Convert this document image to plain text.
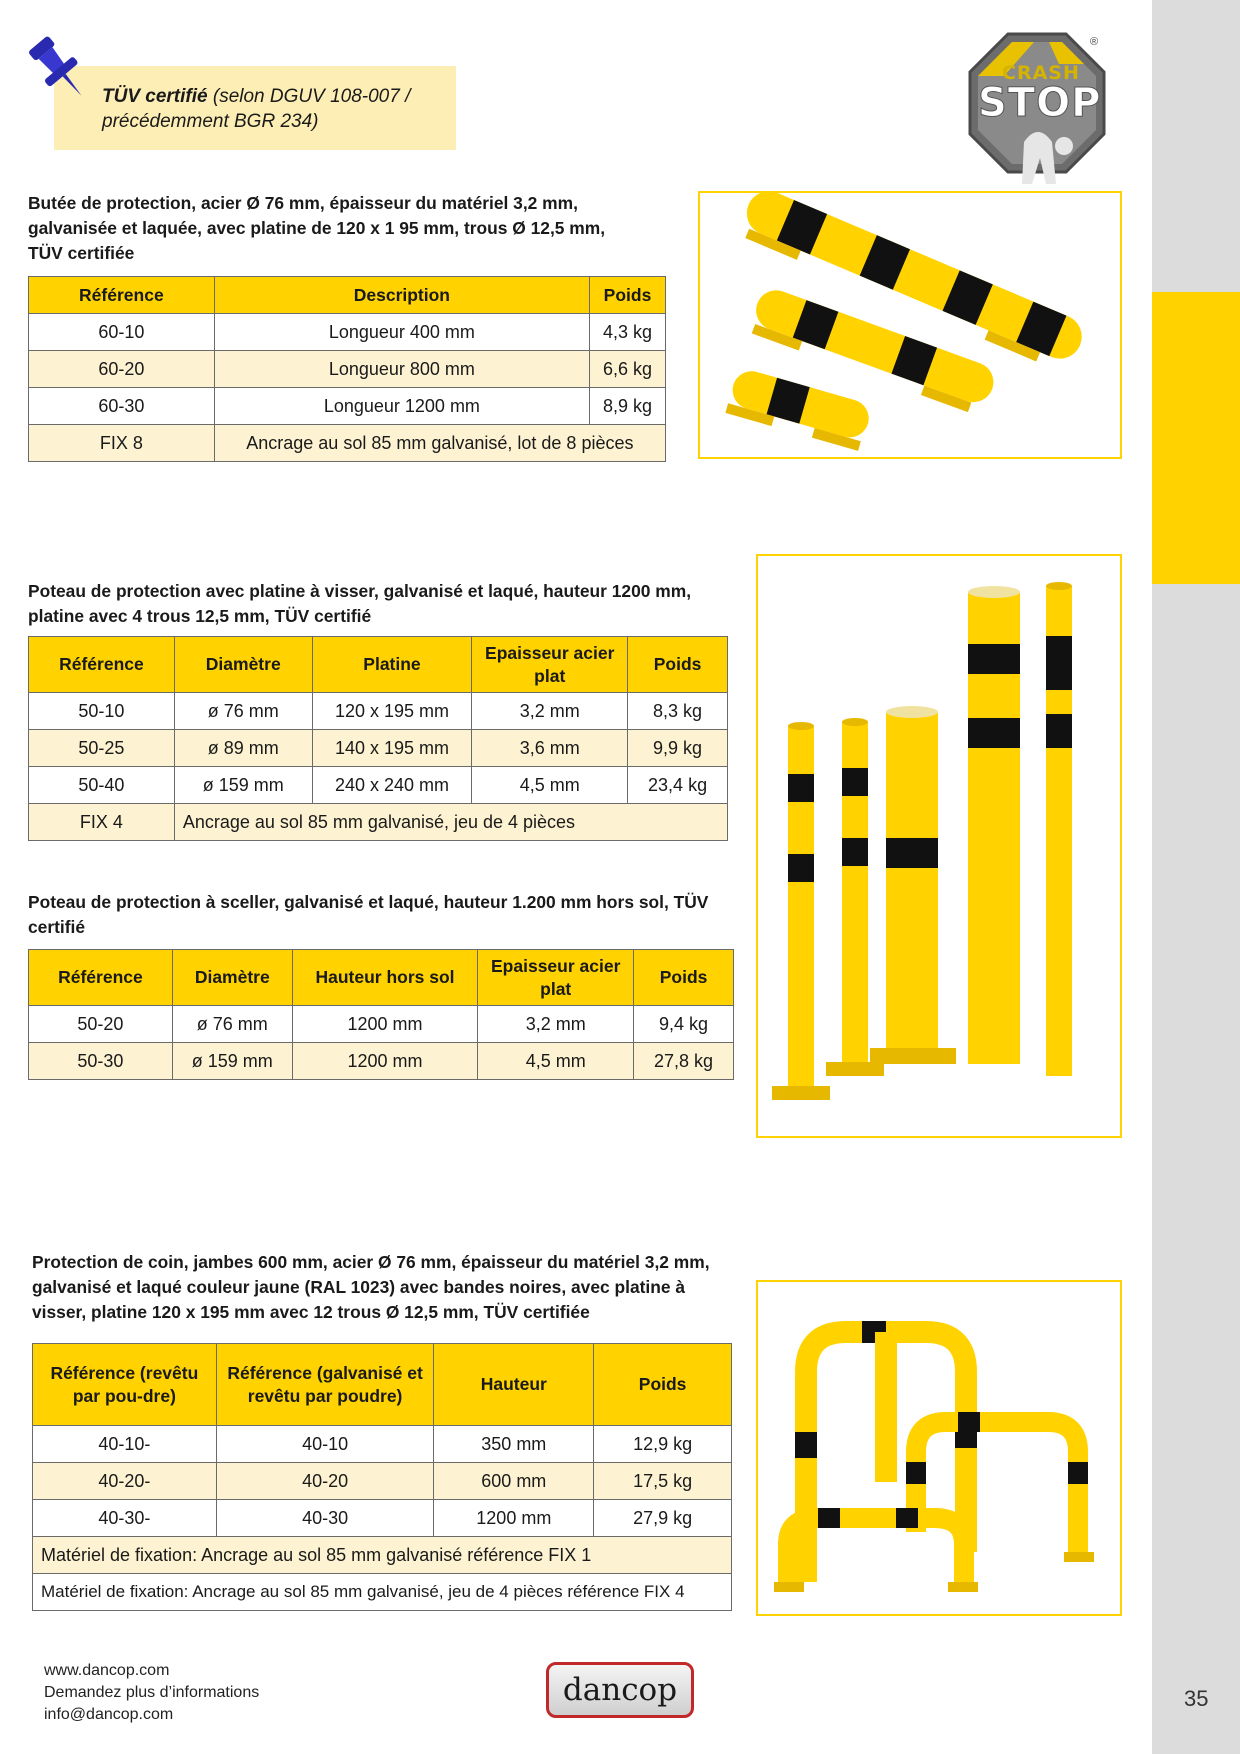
TÜV certifié (selon DGUV 108-007 / précédemment BGR 234)
CRASH
STOP
®
Butée de protection, acier Ø 76 mm, épaisseur du matériel 3,2 mm, galvanisée et laquée, avec platine de 120 x 1 95 mm, trous Ø 12,5 mm, TÜV certifiée
Référence	Description	Poids
60-10	Longueur 400 mm	4,3 kg
60-20	Longueur 800 mm	6,6 kg
60-30	Longueur 1200 mm	8,9 kg
FIX 8	Ancrage au sol 85 mm galvanisé, lot de 8 pièces	
Poteau de protection avec platine à visser, galvanisé et laqué, hauteur 1200 mm, platine avec 4 trous 12,5 mm, TÜV certifié
Référence	Diamètre	Platine	Epaisseur acier plat	Poids
50-10	ø 76 mm	120 x 195 mm	3,2 mm	8,3 kg
50-25	ø 89 mm	140 x 195 mm	3,6 mm	9,9 kg
50-40	ø 159 mm	240 x 240 mm	4,5 mm	23,4 kg
FIX 4	Ancrage au sol 85 mm galvanisé, jeu de 4 pièces			
Poteau de protection à sceller, galvanisé et laqué, hauteur 1.200 mm hors sol, TÜV certifié
Référence	Diamètre	Hauteur hors sol	Epaisseur acier plat	Poids
50-20	ø 76 mm	1200 mm	3,2 mm	9,4 kg
50-30	ø 159 mm	1200 mm	4,5 mm	27,8 kg
Protection de coin, jambes 600 mm, acier Ø 76 mm, épaisseur du matériel 3,2 mm, galvanisé et laqué couleur jaune (RAL 1023) avec bandes noires, avec platine à visser, platine 120 x 195 mm avec 12 trous Ø 12,5 mm, TÜV certifiée
Référence (revêtu par pou-dre)	Référence (galvanisé et revêtu par poudre)	Hauteur	Poids
40-10-	40-10	350 mm	12,9 kg
40-20-	40-20	600 mm	17,5 kg
40-30-	40-30	1200 mm	27,9 kg
Matériel de fixation: Ancrage au sol 85 mm galvanisé référence FIX 1			
Matériel de fixation: Ancrage au sol 85 mm galvanisé, jeu de 4 pièces référence FIX 4			
www.dancop.com
Demandez plus d’informations
info@dancop.com
dancop	35
